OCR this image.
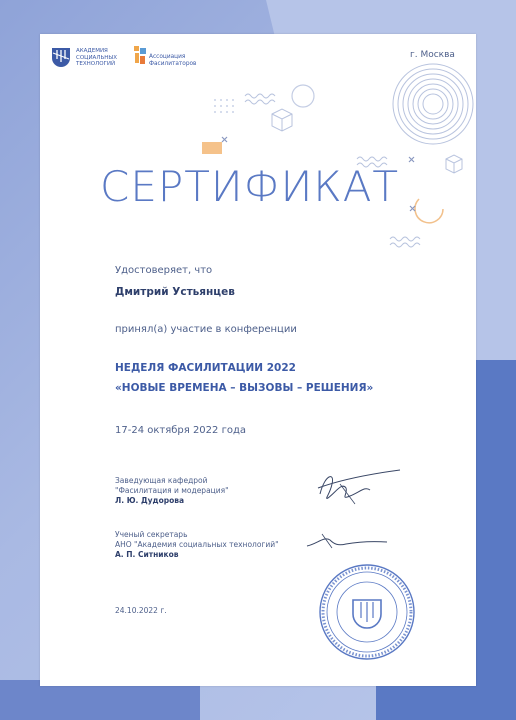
АКАДЕМИЯ
СОЦИАЛЬНЫХ
ТЕХНОЛОГИЙ
Ассоциация
Фасилитаторов
г. Москва
СЕРТИФИКАТ
Удостоверяет, что
Дмитрий Устьянцев
принял(а) участие в конференции
НЕДЕЛЯ ФАСИЛИТАЦИИ 2022
«НОВЫЕ ВРЕМЕНА – ВЫЗОВЫ – РЕШЕНИЯ»
17-24 октября 2022 года
Заведующая кафедрой
"Фасилитация и модерация"
Л. Ю. Дудорова
Ученый секретарь
АНО "Академия социальных технологий"
А. П. Ситников
24.10.2022 г.
